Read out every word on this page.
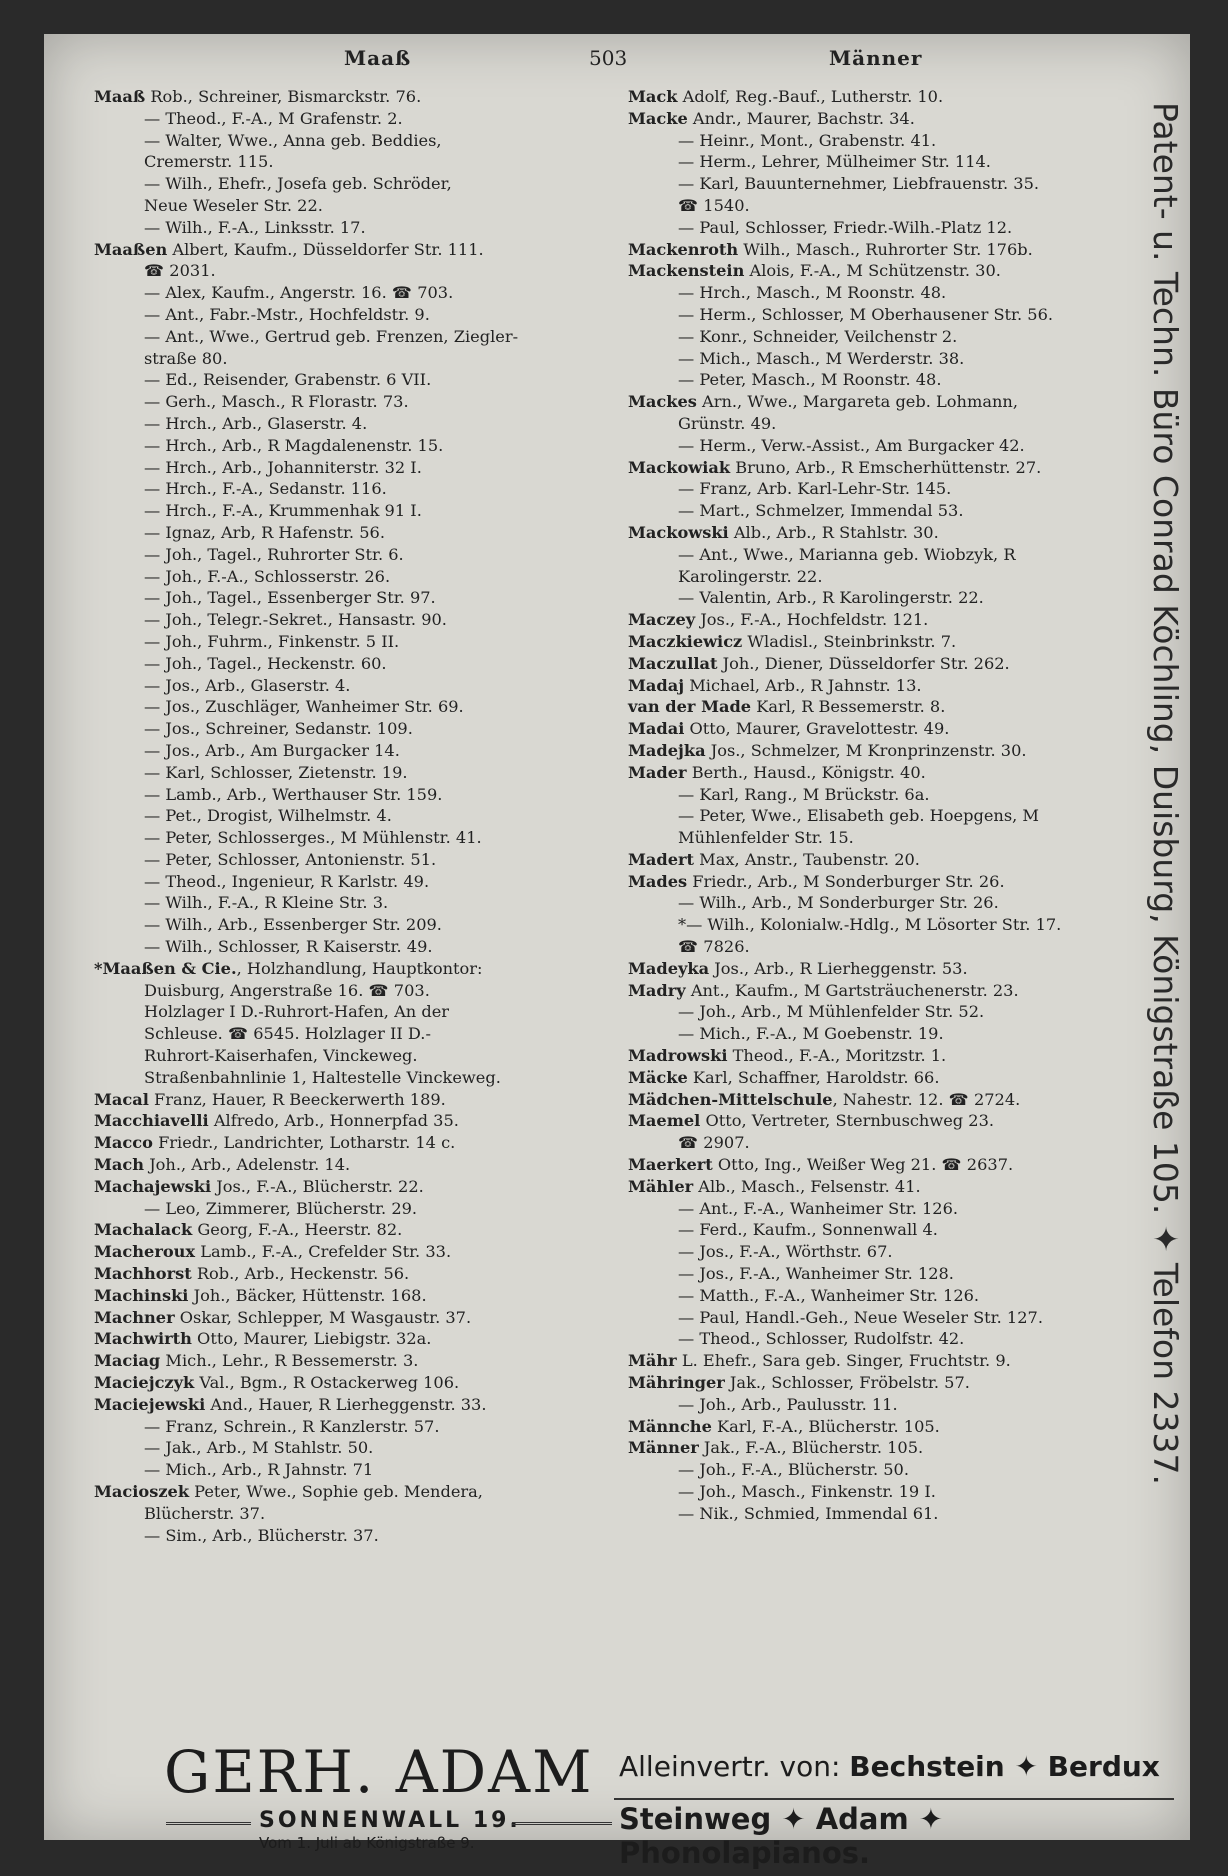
Maaß	503	Männer
Maaß Rob., Schreiner, Bismarckstr. 76.
— Theod., F.-A., M Grafenstr. 2.
— Walter, Wwe., Anna geb. Beddies,
Cremerstr. 115.
— Wilh., Ehefr., Josefa geb. Schröder,
Neue Weseler Str. 22.
— Wilh., F.-A., Linksstr. 17.
Maaßen Albert, Kaufm., Düsseldorfer Str. 111.
☎ 2031.
— Alex, Kaufm., Angerstr. 16. ☎ 703.
— Ant., Fabr.-Mstr., Hochfeldstr. 9.
— Ant., Wwe., Gertrud geb. Frenzen, Ziegler-
straße 80.
— Ed., Reisender, Grabenstr. 6 VII.
— Gerh., Masch., R Florastr. 73.
— Hrch., Arb., Glaserstr. 4.
— Hrch., Arb., R Magdalenenstr. 15.
— Hrch., Arb., Johanniterstr. 32 I.
— Hrch., F.-A., Sedanstr. 116.
— Hrch., F.-A., Krummenhak 91 I.
— Ignaz, Arb, R Hafenstr. 56.
— Joh., Tagel., Ruhrorter Str. 6.
— Joh., F.-A., Schlosserstr. 26.
— Joh., Tagel., Essenberger Str. 97.
— Joh., Telegr.-Sekret., Hansastr. 90.
— Joh., Fuhrm., Finkenstr. 5 II.
— Joh., Tagel., Heckenstr. 60.
— Jos., Arb., Glaserstr. 4.
— Jos., Zuschläger, Wanheimer Str. 69.
— Jos., Schreiner, Sedanstr. 109.
— Jos., Arb., Am Burgacker 14.
— Karl, Schlosser, Zietenstr. 19.
— Lamb., Arb., Werthauser Str. 159.
— Pet., Drogist, Wilhelmstr. 4.
— Peter, Schlosserges., M Mühlenstr. 41.
— Peter, Schlosser, Antonienstr. 51.
— Theod., Ingenieur, R Karlstr. 49.
— Wilh., F.-A., R Kleine Str. 3.
— Wilh., Arb., Essenberger Str. 209.
— Wilh., Schlosser, R Kaiserstr. 49.
*Maaßen & Cie., Holzhandlung, Hauptkontor:
Duisburg, Angerstraße 16. ☎ 703.
Holzlager I D.-Ruhrort-Hafen, An der
Schleuse. ☎ 6545. Holzlager II D.-
Ruhrort-Kaiserhafen, Vinckeweg.
Straßenbahnlinie 1, Haltestelle Vinckeweg.
Macal Franz, Hauer, R Beeckerwerth 189.
Macchiavelli Alfredo, Arb., Honnerpfad 35.
Macco Friedr., Landrichter, Lotharstr. 14 c.
Mach Joh., Arb., Adelenstr. 14.
Machajewski Jos., F.-A., Blücherstr. 22.
— Leo, Zimmerer, Blücherstr. 29.
Machalack Georg, F.-A., Heerstr. 82.
Macheroux Lamb., F.-A., Crefelder Str. 33.
Machhorst Rob., Arb., Heckenstr. 56.
Machinski Joh., Bäcker, Hüttenstr. 168.
Machner Oskar, Schlepper, M Wasgaustr. 37.
Machwirth Otto, Maurer, Liebigstr. 32a.
Maciag Mich., Lehr., R Bessemerstr. 3.
Maciejczyk Val., Bgm., R Ostackerweg 106.
Maciejewski And., Hauer, R Lierheggenstr. 33.
— Franz, Schrein., R Kanzlerstr. 57.
— Jak., Arb., M Stahlstr. 50.
— Mich., Arb., R Jahnstr. 71
Macioszek Peter, Wwe., Sophie geb. Mendera,
Blücherstr. 37.
— Sim., Arb., Blücherstr. 37.
Mack Adolf, Reg.-Bauf., Lutherstr. 10.
Macke Andr., Maurer, Bachstr. 34.
— Heinr., Mont., Grabenstr. 41.
— Herm., Lehrer, Mülheimer Str. 114.
— Karl, Bauunternehmer, Liebfrauenstr. 35.
☎ 1540.
— Paul, Schlosser, Friedr.-Wilh.-Platz 12.
Mackenroth Wilh., Masch., Ruhrorter Str. 176b.
Mackenstein Alois, F.-A., M Schützenstr. 30.
— Hrch., Masch., M Roonstr. 48.
— Herm., Schlosser, M Oberhausener Str. 56.
— Konr., Schneider, Veilchenstr 2.
— Mich., Masch., M Werderstr. 38.
— Peter, Masch., M Roonstr. 48.
Mackes Arn., Wwe., Margareta geb. Lohmann,
Grünstr. 49.
— Herm., Verw.-Assist., Am Burgacker 42.
Mackowiak Bruno, Arb., R Emscherhüttenstr. 27.
— Franz, Arb. Karl-Lehr-Str. 145.
— Mart., Schmelzer, Immendal 53.
Mackowski Alb., Arb., R Stahlstr. 30.
— Ant., Wwe., Marianna geb. Wiobzyk, R
Karolingerstr. 22.
— Valentin, Arb., R Karolingerstr. 22.
Maczey Jos., F.-A., Hochfeldstr. 121.
Maczkiewicz Wladisl., Steinbrinkstr. 7.
Maczullat Joh., Diener, Düsseldorfer Str. 262.
Madaj Michael, Arb., R Jahnstr. 13.
van der Made Karl, R Bessemerstr. 8.
Madai Otto, Maurer, Gravelottestr. 49.
Madejka Jos., Schmelzer, M Kronprinzenstr. 30.
Mader Berth., Hausd., Königstr. 40.
— Karl, Rang., M Brückstr. 6a.
— Peter, Wwe., Elisabeth geb. Hoepgens, M
Mühlenfelder Str. 15.
Madert Max, Anstr., Taubenstr. 20.
Mades Friedr., Arb., M Sonderburger Str. 26.
— Wilh., Arb., M Sonderburger Str. 26.
*— Wilh., Kolonialw.-Hdlg., M Lösorter Str. 17.
☎ 7826.
Madeyka Jos., Arb., R Lierheggenstr. 53.
Madry Ant., Kaufm., M Gartsträuchenerstr. 23.
— Joh., Arb., M Mühlenfelder Str. 52.
— Mich., F.-A., M Goebenstr. 19.
Madrowski Theod., F.-A., Moritzstr. 1.
Mäcke Karl, Schaffner, Haroldstr. 66.
Mädchen-Mittelschule, Nahestr. 12. ☎ 2724.
Maemel Otto, Vertreter, Sternbuschweg 23.
☎ 2907.
Maerkert Otto, Ing., Weißer Weg 21. ☎ 2637.
Mähler Alb., Masch., Felsenstr. 41.
— Ant., F.-A., Wanheimer Str. 126.
— Ferd., Kaufm., Sonnenwall 4.
— Jos., F.-A., Wörthstr. 67.
— Jos., F.-A., Wanheimer Str. 128.
— Matth., F.-A., Wanheimer Str. 126.
— Paul, Handl.-Geh., Neue Weseler Str. 127.
— Theod., Schlosser, Rudolfstr. 42.
Mähr L. Ehefr., Sara geb. Singer, Fruchtstr. 9.
Mähringer Jak., Schlosser, Fröbelstr. 57.
— Joh., Arb., Paulusstr. 11.
Männche Karl, F.-A., Blücherstr. 105.
Männer Jak., F.-A., Blücherstr. 105.
— Joh., F.-A., Blücherstr. 50.
— Joh., Masch., Finkenstr. 19 I.
— Nik., Schmied, Immendal 61.
Patent- u. Techn. Büro Conrad Köchling, Duisburg, Königstraße 105. ✦ Telefon 2337.
GERH. ADAM
SONNENWALL 19.
Vom 1. Juli ab Königstraße 9.
Alleinvertr. von: Bechstein ✦ Berdux
Steinweg ✦ Adam ✦ Phonolapianos.
